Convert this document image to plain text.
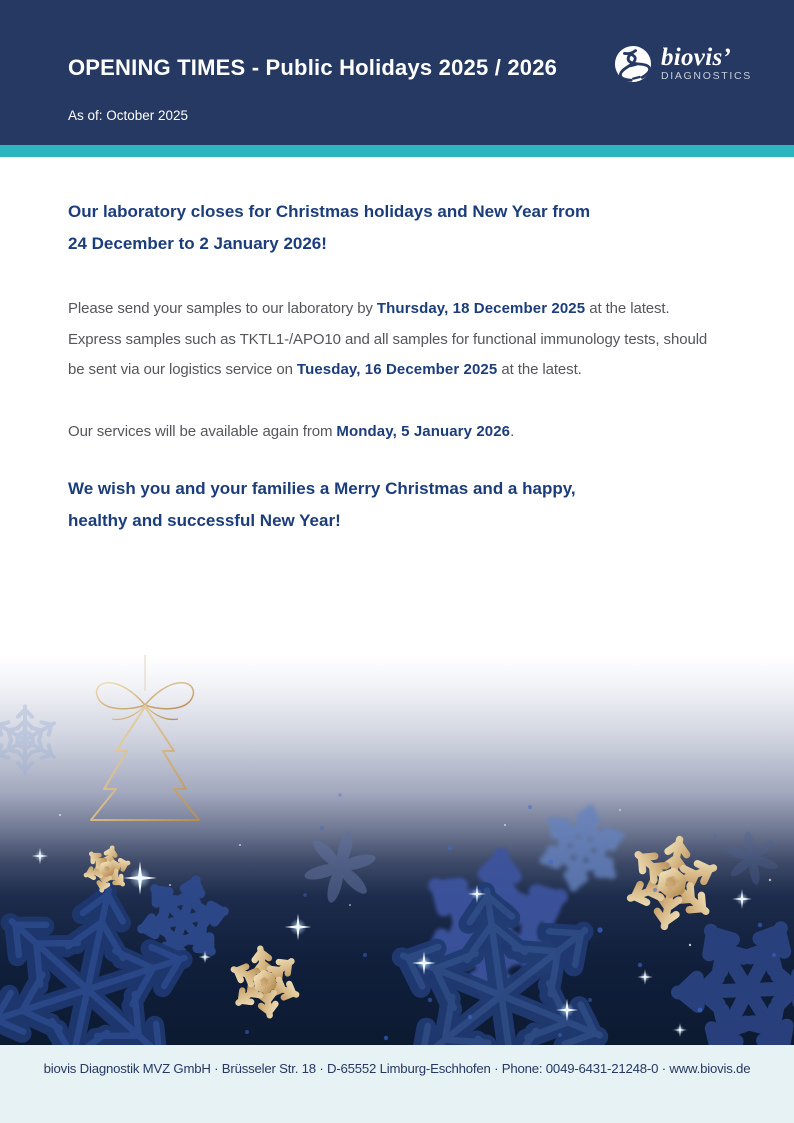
OPENING TIMES - Public Holidays 2025 / 2026	biovis’
DIAGNOSTICS
As of: October 2025
Our laboratory closes for Christmas holidays and New Year from
24 December to 2 January 2026!
Please send your samples to our laboratory by Thursday, 18 December 2025 at the latest.
Express samples such as TKTL1-/APO10 and all samples for functional immunology tests, should
be sent via our logistics service on Tuesday, 16 December 2025 at the latest.
Our services will be available again from Monday, 5 January 2026.
We wish you and your families a Merry Christmas and a happy,
healthy and successful New Year!
biovis Diagnostik MVZ GmbH · Brüsseler Str. 18 · D-65552 Limburg-Eschhofen · Phone: 0049-6431-21248-0 · www.biovis.de
